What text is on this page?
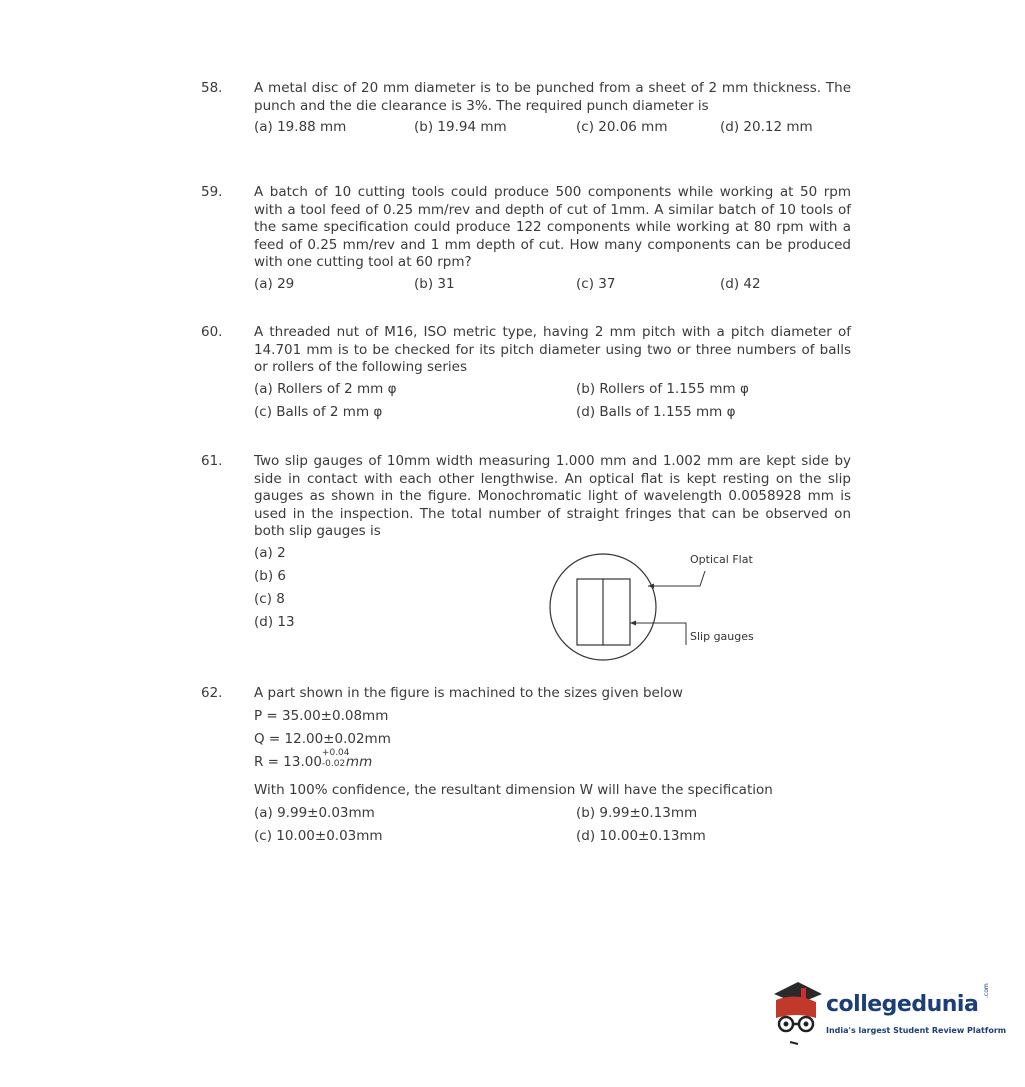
58.	A metal disc of 20 mm diameter is to be punched from a sheet of 2 mm thickness. The punch and the die clearance is 3%. The required punch diameter is
(a) 19.88 mm	(b) 19.94 mm	(c) 20.06 mm	(d) 20.12 mm
59.	A batch of 10 cutting tools could produce 500 components while working at 50 rpm with a tool feed of 0.25 mm/rev and depth of cut of 1mm. A similar batch of 10 tools of the same specification could produce 122 components while working at 80 rpm with a feed of 0.25 mm/rev and 1 mm depth of cut. How many components can be produced with one cutting tool at 60 rpm?
(a) 29	(b) 31	(c) 37	(d) 42
60.	A threaded nut of M16, ISO metric type, having 2 mm pitch with a pitch diameter of 14.701 mm is to be checked for its pitch diameter using two or three numbers of balls or rollers of the following series
(a) Rollers of 2 mm φ	(b) Rollers of 1.155 mm φ
(c) Balls of 2 mm φ	(d) Balls of 1.155 mm φ
61.	Two slip gauges of 10mm width measuring 1.000 mm and 1.002 mm are kept side by side in contact with each other lengthwise. An optical flat is kept resting on the slip gauges as shown in the figure. Monochromatic light of wavelength 0.0058928 mm is used in the inspection. The total number of straight fringes that can be observed on both slip gauges is
(a) 2
(b) 6
(c) 8
(d) 13
Optical Flat
Slip gauges
62.	A part shown in the figure is machined to the sizes given below
P = 35.00±0.08mm
Q = 12.00±0.02mm
R = 13.00
+0.04
-0.02 mm
With 100% confidence, the resultant dimension W will have the specification
(a) 9.99±0.03mm	(b) 9.99±0.13mm
(c) 10.00±0.03mm	(d) 10.00±0.13mm
collegedunia
.com
India's largest Student Review Platform
